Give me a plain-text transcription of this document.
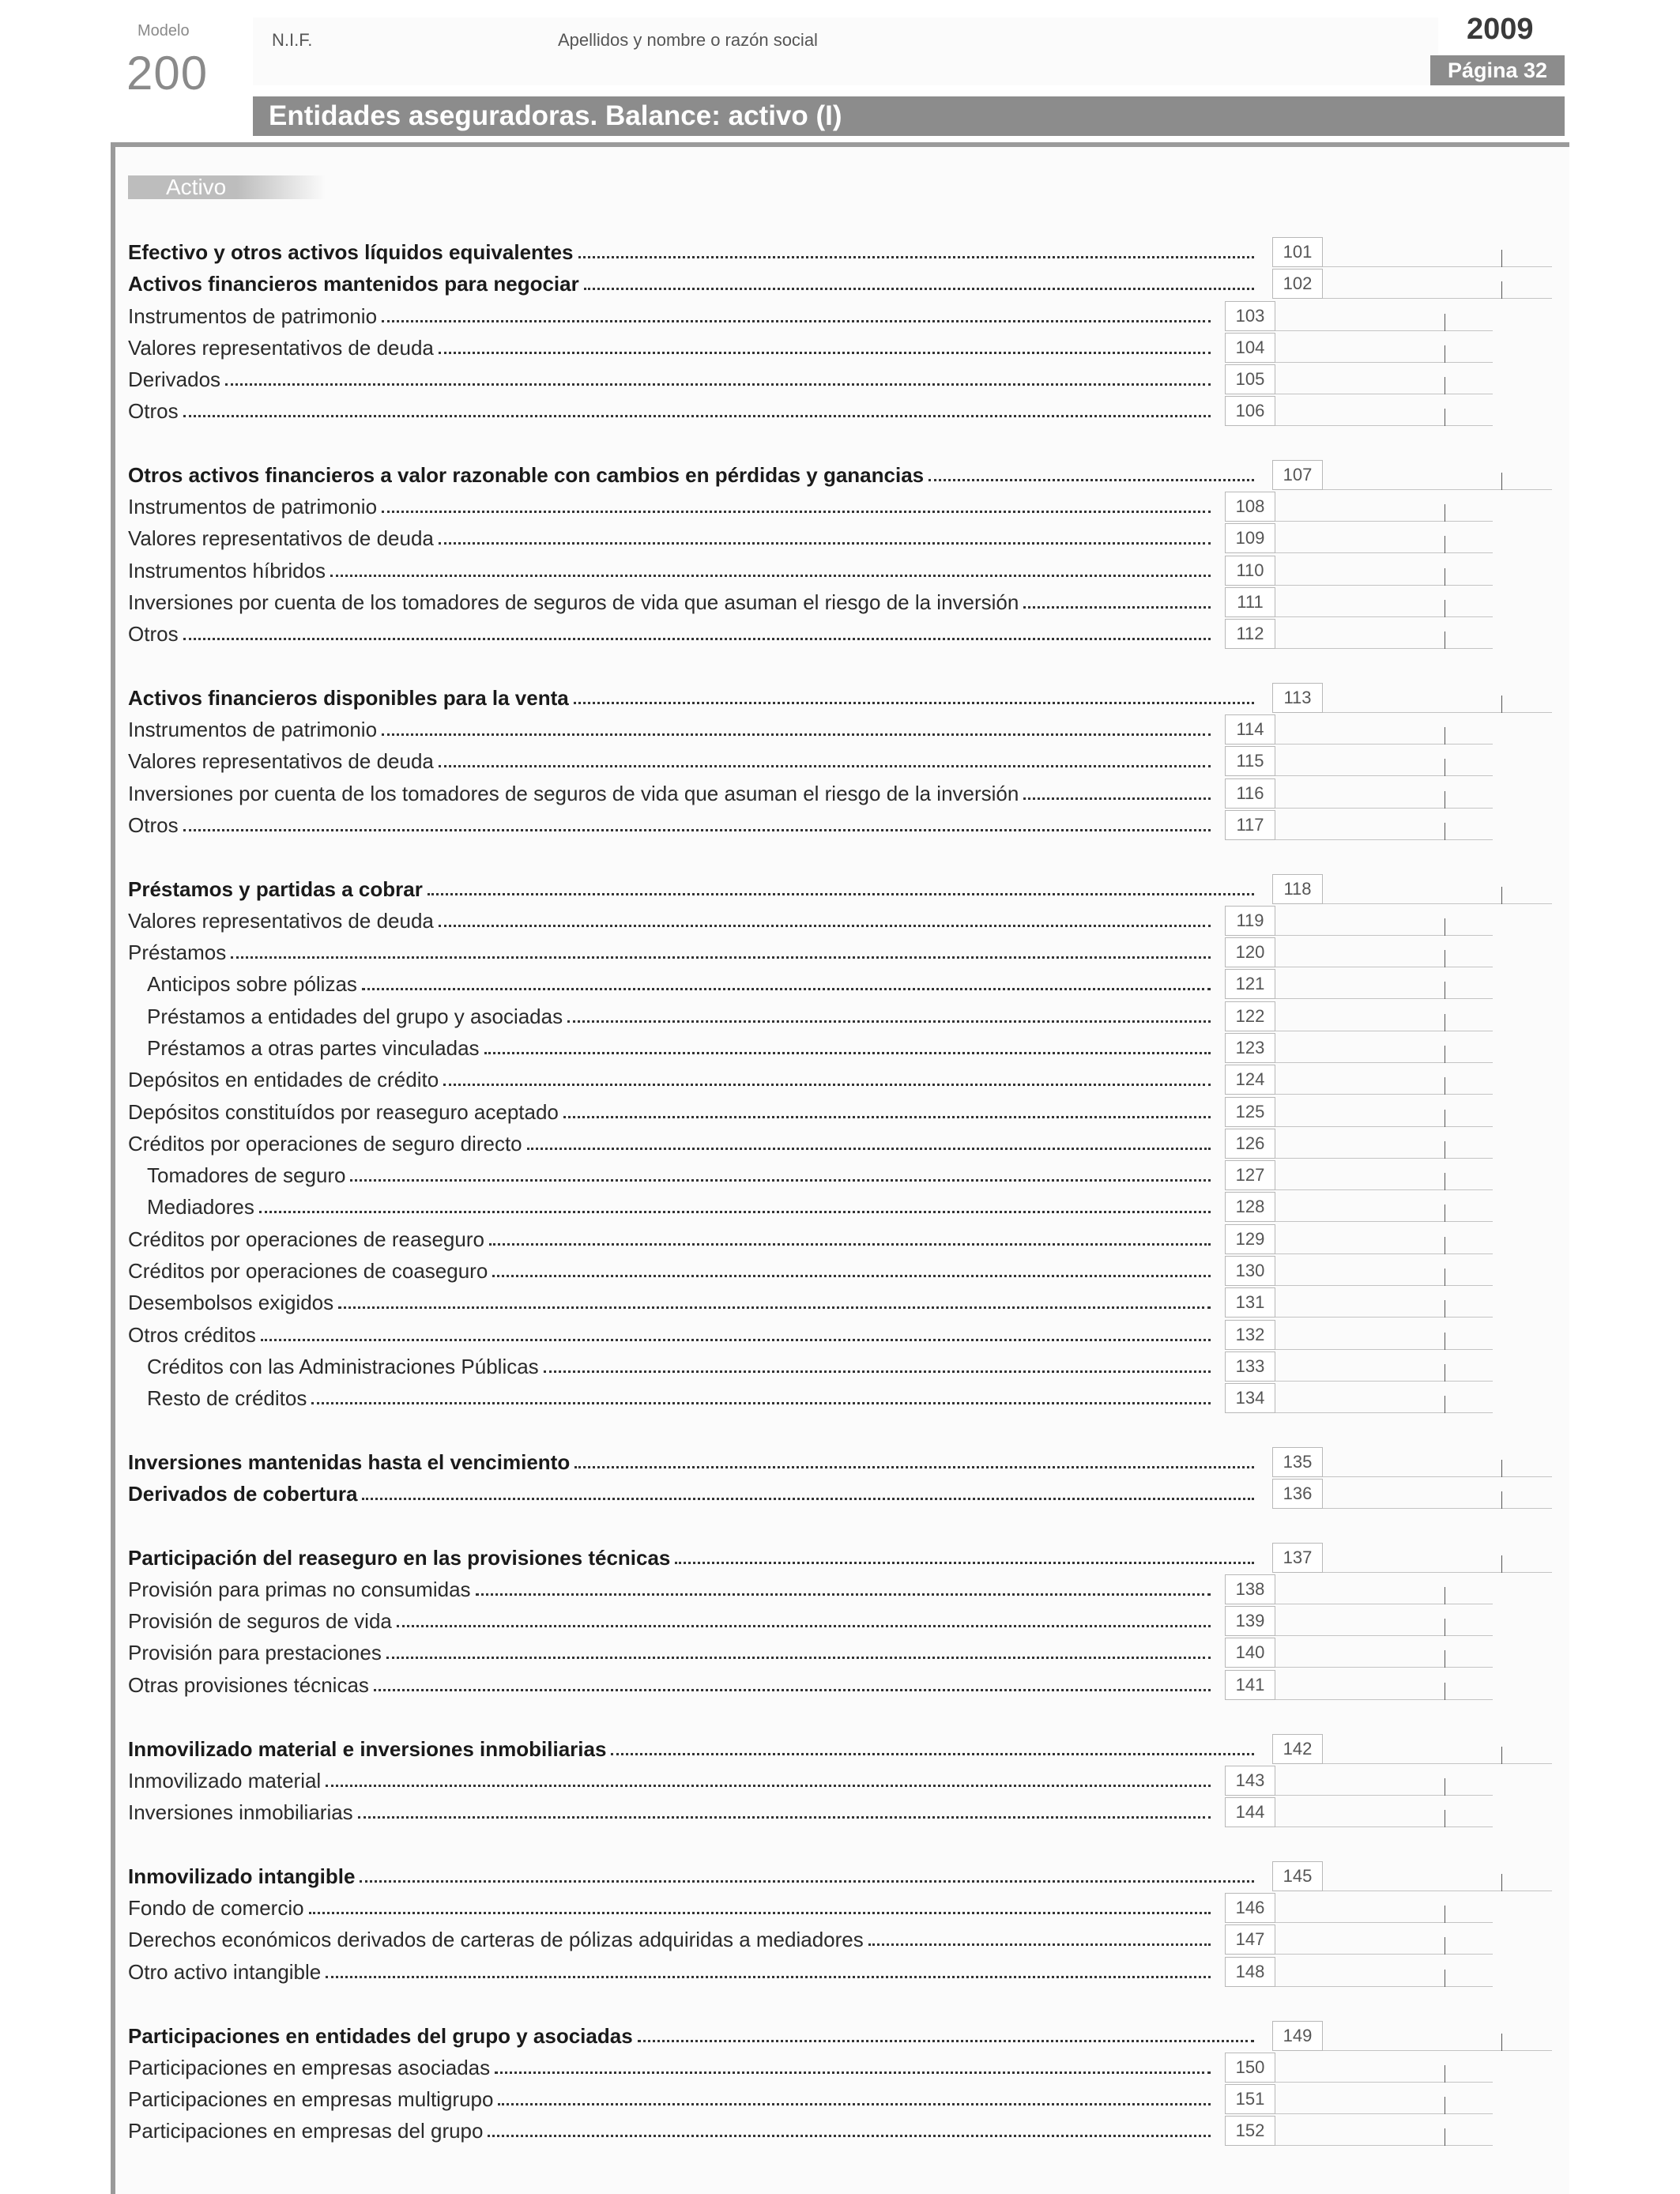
Modelo
200
N.I.F.	Apellidos y nombre o razón social	2009
Página 32
Entidades aseguradoras. Balance: activo (I)
Activo
Efectivo y otros activos líquidos equivalentes	101
Activos financieros mantenidos para negociar	102
Instrumentos de patrimonio	103
Valores representativos de deuda	104
Derivados	105
Otros	106
Otros activos financieros a valor razonable con cambios en pérdidas y ganancias	107
Instrumentos de patrimonio	108
Valores representativos de deuda	109
Instrumentos híbridos	110
Inversiones por cuenta de los tomadores de seguros de vida que asuman el riesgo de la inversión	111
Otros	112
Activos financieros disponibles para la venta	113
Instrumentos de patrimonio	114
Valores representativos de deuda	115
Inversiones por cuenta de los tomadores de seguros de vida que asuman el riesgo de la inversión	116
Otros	117
Préstamos y partidas a cobrar	118
Valores representativos de deuda	119
Préstamos	120
Anticipos sobre pólizas	121
Préstamos a entidades del grupo y asociadas	122
Préstamos a otras partes vinculadas	123
Depósitos en entidades de crédito	124
Depósitos constituídos por reaseguro aceptado	125
Créditos por operaciones de seguro directo	126
Tomadores de seguro	127
Mediadores	128
Créditos por operaciones de reaseguro	129
Créditos por operaciones de coaseguro	130
Desembolsos exigidos	131
Otros créditos	132
Créditos con las Administraciones Públicas	133
Resto de créditos	134
Inversiones mantenidas hasta el vencimiento	135
Derivados de cobertura	136
Participación del reaseguro en las provisiones técnicas	137
Provisión para primas no consumidas	138
Provisión de seguros de vida	139
Provisión para prestaciones	140
Otras provisiones técnicas	141
Inmovilizado material e inversiones inmobiliarias	142
Inmovilizado material	143
Inversiones inmobiliarias	144
Inmovilizado intangible	145
Fondo de comercio	146
Derechos económicos derivados de carteras de pólizas adquiridas a mediadores	147
Otro activo intangible	148
Participaciones en entidades del grupo y asociadas	149
Participaciones en empresas asociadas	150
Participaciones en empresas multigrupo	151
Participaciones en empresas del grupo	152
